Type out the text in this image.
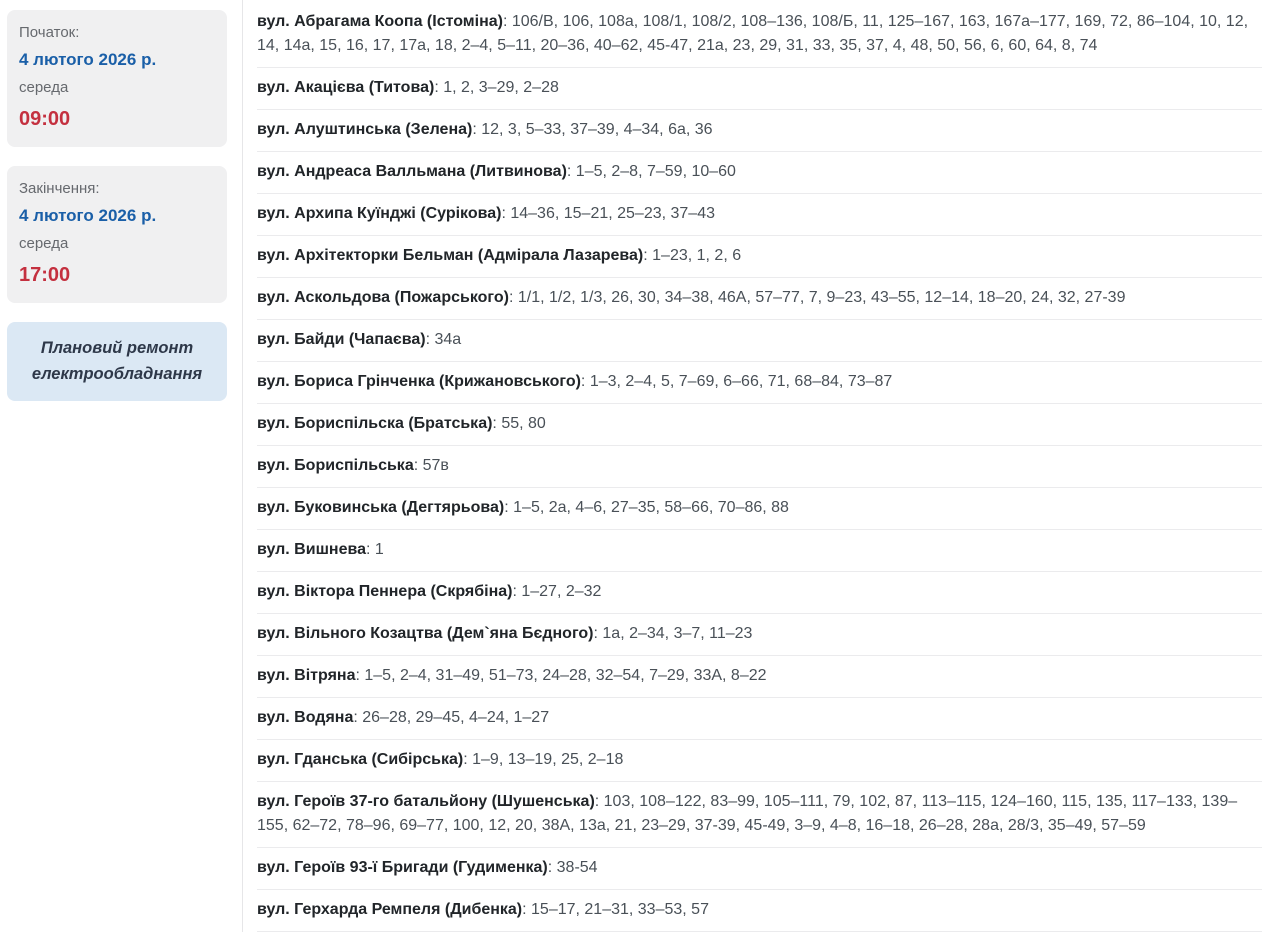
Початок:
4 лютого 2026 р.
середа
09:00
Закінчення:
4 лютого 2026 р.
середа
17:00
Плановий ремонт електрообладнання
вул. Абрагама Коопа (Істоміна): 106/В, 106, 108а, 108/1, 108/2, 108–136, 108/Б, 11, 125–167, 163, 167а–177, 169, 72, 86–104, 10, 12, 14, 14а, 15, 16, 17, 17а, 18, 2–4, 5–11, 20–36, 40–62, 45-47, 21а, 23, 29, 31, 33, 35, 37, 4, 48, 50, 56, 6, 60, 64, 8, 74
вул. Акацієва (Титова): 1, 2, 3–29, 2–28
вул. Алуштинська (Зелена): 12, 3, 5–33, 37–39, 4–34, 6а, 36
вул. Андреаса Валльмана (Литвинова): 1–5, 2–8, 7–59, 10–60
вул. Архипа Куїнджі (Сурікова): 14–36, 15–21, 25–23, 37–43
вул. Архітекторки Бельман (Адмірала Лазарева): 1–23, 1, 2, 6
вул. Аскольдова (Пожарського): 1/1, 1/2, 1/3, 26, 30, 34–38, 46А, 57–77, 7, 9–23, 43–55, 12–14, 18–20, 24, 32, 27-39
вул. Байди (Чапаєва): 34а
вул. Бориса Грінченка (Крижановського): 1–3, 2–4, 5, 7–69, 6–66, 71, 68–84, 73–87
вул. Бориспільска (Братська): 55, 80
вул. Бориспільська: 57в
вул. Буковинська (Дегтярьова): 1–5, 2а, 4–6, 27–35, 58–66, 70–86, 88
вул. Вишнева: 1
вул. Віктора Пеннера (Скрябіна): 1–27, 2–32
вул. Вільного Козацтва (Дем`яна Бєдного): 1а, 2–34, 3–7, 11–23
вул. Вітряна: 1–5, 2–4, 31–49, 51–73, 24–28, 32–54, 7–29, 33А, 8–22
вул. Водяна: 26–28, 29–45, 4–24, 1–27
вул. Гданська (Сибірська): 1–9, 13–19, 25, 2–18
вул. Героїв 37-го батальйону (Шушенська): 103, 108–122, 83–99, 105–111, 79, 102, 87, 113–115, 124–160, 115, 135, 117–133, 139–155, 62–72, 78–96, 69–77, 100, 12, 20, 38А, 13а, 21, 23–29, 37-39, 45-49, 3–9, 4–8, 16–18, 26–28, 28а, 28/3, 35–49, 57–59
вул. Героїв 93-ї Бригади (Гудименка): 38-54
вул. Герхарда Ремпеля (Дибенка): 15–17, 21–31, 33–53, 57
